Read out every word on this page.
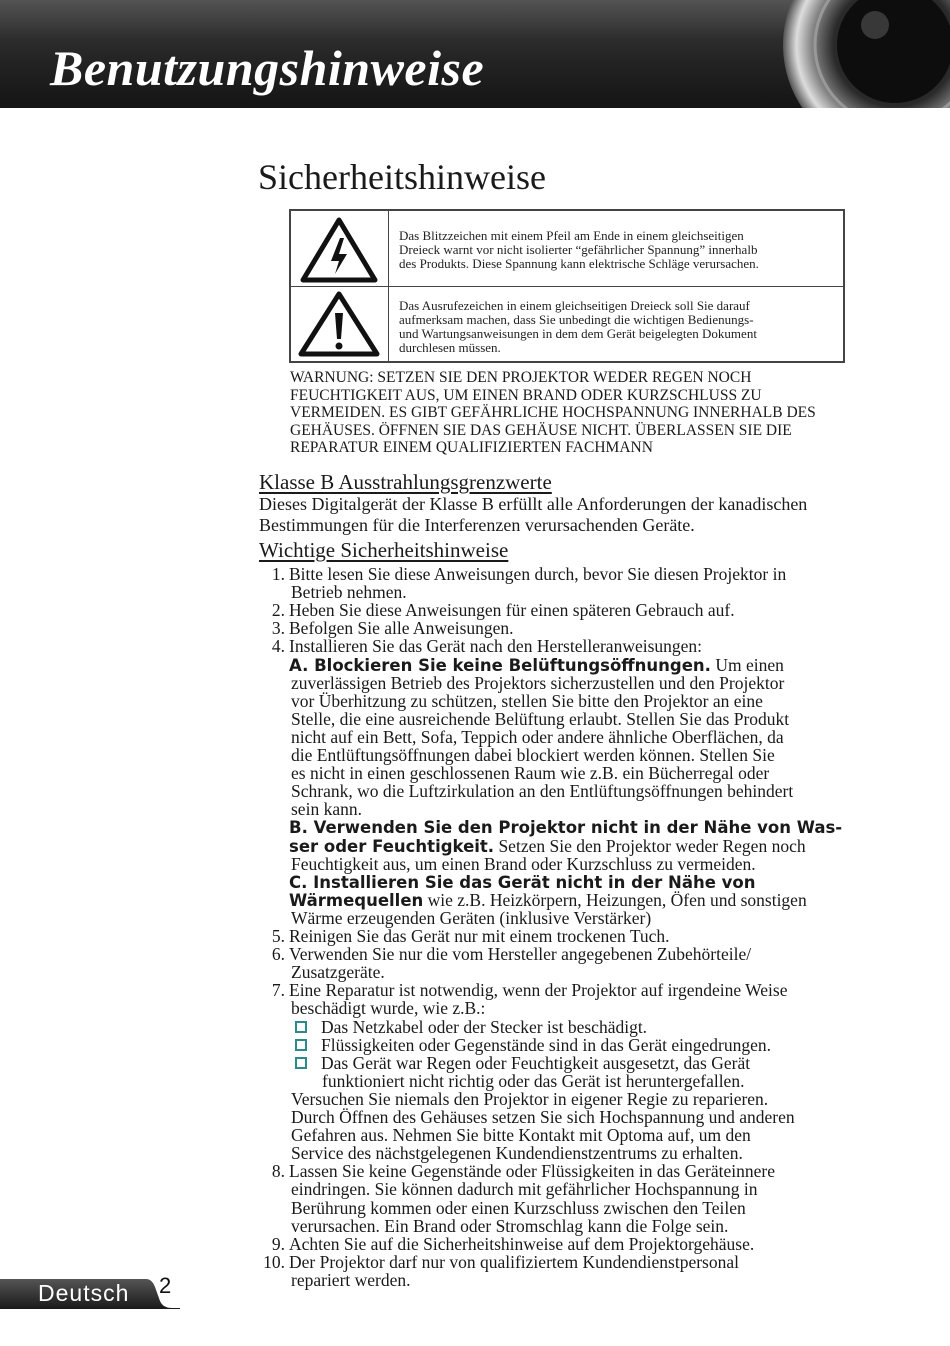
Benutzungshinweise
Sicherheitshinweise

Das Blitzzeichen mit einem Pfeil am Ende in einem gleichseitigen

Dreieck warnt vor nicht isolierter “gefährlicher Spannung” innerhalb

des Produkts. Diese Spannung kann elektrische Schläge verursachen.

Das Ausrufezeichen in einem gleichseitigen Dreieck soll Sie darauf

aufmerksam machen, dass Sie unbedingt die wichtigen Bedienungs-

und Wartungsanweisungen in dem dem Gerät beigelegten Dokument

durchlesen müssen.

WARNUNG: SETZEN SIE DEN PROJEKTOR WEDER REGEN NOCH

FEUCHTIGKEIT AUS, UM EINEN BRAND ODER KURZSCHLUSS ZU

VERMEIDEN. ES GIBT GEFÄHRLICHE HOCHSPANNUNG INNERHALB DES

GEHÄUSES. ÖFFNEN SIE DAS GEHÄUSE NICHT. ÜBERLASSEN SIE DIE

REPARATUR EINEM QUALIFIZIERTEN FACHMANN

Klasse B Ausstrahlungsgrenzwerte

Dieses Digitalgerät der Klasse B erfüllt alle Anforderungen der kanadischen

Bestimmungen für die Interferenzen verursachenden Geräte.

Wichtige Sicherheitshinweise
1. Bitte lesen Sie diese Anweisungen durch, bevor Sie diesen Projektor in
Betrieb nehmen.
2. Heben Sie diese Anweisungen für einen späteren Gebrauch auf.
3. Befolgen Sie alle Anweisungen.
4. Installieren Sie das Gerät nach den Herstelleranweisungen:
A. Blockieren Sie keine Belüftungsöffnungen. Um einen
zuverlässigen Betrieb des Projektors sicherzustellen und den Projektor
vor Überhitzung zu schützen, stellen Sie bitte den Projektor an eine
Stelle, die eine ausreichende Belüftung erlaubt. Stellen Sie das Produkt
nicht auf ein Bett, Sofa, Teppich oder andere ähnliche Oberflächen, da
die Entlüftungsöffnungen dabei blockiert werden können. Stellen Sie
es nicht in einen geschlossenen Raum wie z.B. ein Bücherregal oder
Schrank, wo die Luftzirkulation an den Entlüftungsöffnungen behindert
sein kann.
B. Verwenden Sie den Projektor nicht in der Nähe von Was-
ser oder Feuchtigkeit. Setzen Sie den Projektor weder Regen noch
Feuchtigkeit aus, um einen Brand oder Kurzschluss zu vermeiden.
C. Installieren Sie das Gerät nicht in der Nähe von
Wärmequellen wie z.B. Heizkörpern, Heizungen, Öfen und sonstigen
Wärme erzeugenden Geräten (inklusive Verstärker)
5. Reinigen Sie das Gerät nur mit einem trockenen Tuch.
6. Verwenden Sie nur die vom Hersteller angegebenen Zubehörteile/
Zusatzgeräte.
7. Eine Reparatur ist notwendig, wenn der Projektor auf irgendeine Weise
beschädigt wurde, wie z.B.:
Das Netzkabel oder der Stecker ist beschädigt.
Flüssigkeiten oder Gegenstände sind in das Gerät eingedrungen.
Das Gerät war Regen oder Feuchtigkeit ausgesetzt, das Gerät
funktioniert nicht richtig oder das Gerät ist heruntergefallen.
Versuchen Sie niemals den Projektor in eigener Regie zu reparieren.
Durch Öffnen des Gehäuses setzen Sie sich Hochspannung und anderen
Gefahren aus. Nehmen Sie bitte Kontakt mit Optoma auf, um den
Service des nächstgelegenen Kundendienstzentrums zu erhalten.
8. Lassen Sie keine Gegenstände oder Flüssigkeiten in das Geräteinnere
eindringen. Sie können dadurch mit gefährlicher Hochspannung in
Berührung kommen oder einen Kurzschluss zwischen den Teilen
verursachen. Ein Brand oder Stromschlag kann die Folge sein.
9. Achten Sie auf die Sicherheitshinweise auf dem Projektorgehäuse.
10. Der Projektor darf nur von qualifiziertem Kundendienstpersonal
repariert werden.
Deutsch 2
